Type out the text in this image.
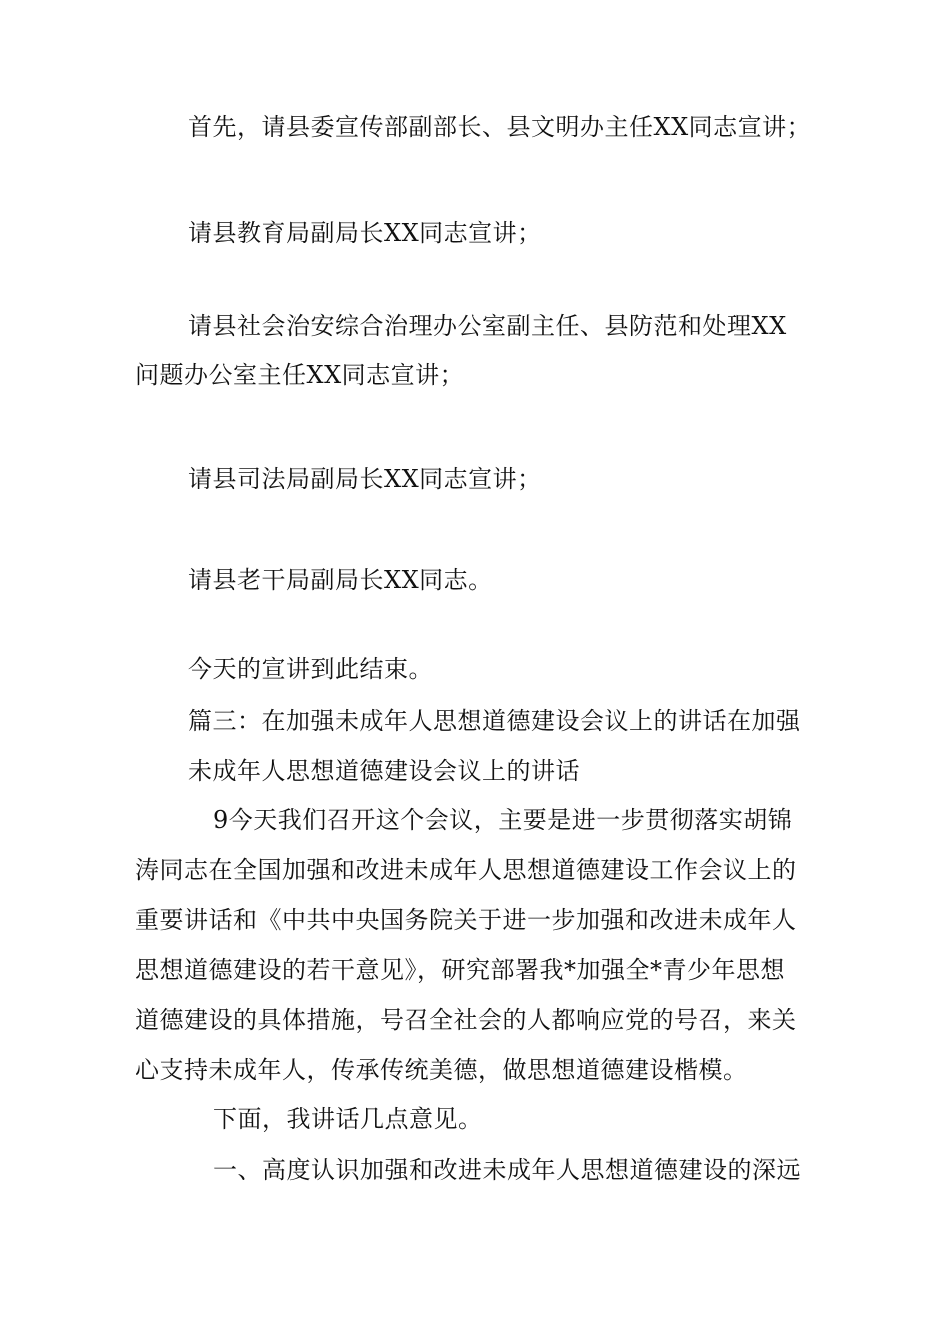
首先，请县委宣传部副部长、县文明办主任XX同志宣讲；
请县教育局副局长XX同志宣讲；
请县社会治安综合治理办公室副主任、县防范和处理XX
问题办公室主任XX同志宣讲；
请县司法局副局长XX同志宣讲；
请县老干局副局长XX同志。
今天的宣讲到此结束。
篇三：在加强未成年人思想道德建设会议上的讲话在加强
未成年人思想道德建设会议上的讲话
9今天我们召开这个会议，主要是进一步贯彻落实胡锦
涛同志在全国加强和改进未成年人思想道德建设工作会议上的
重要讲话和《中共中央国务院关于进一步加强和改进未成年人
思想道德建设的若干意见》，研究部署我*加强全*青少年思想
道德建设的具体措施，号召全社会的人都响应党的号召，来关
心支持未成年人，传承传统美德，做思想道德建设楷模。
下面，我讲话几点意见。
一、高度认识加强和改进未成年人思想道德建设的深远
